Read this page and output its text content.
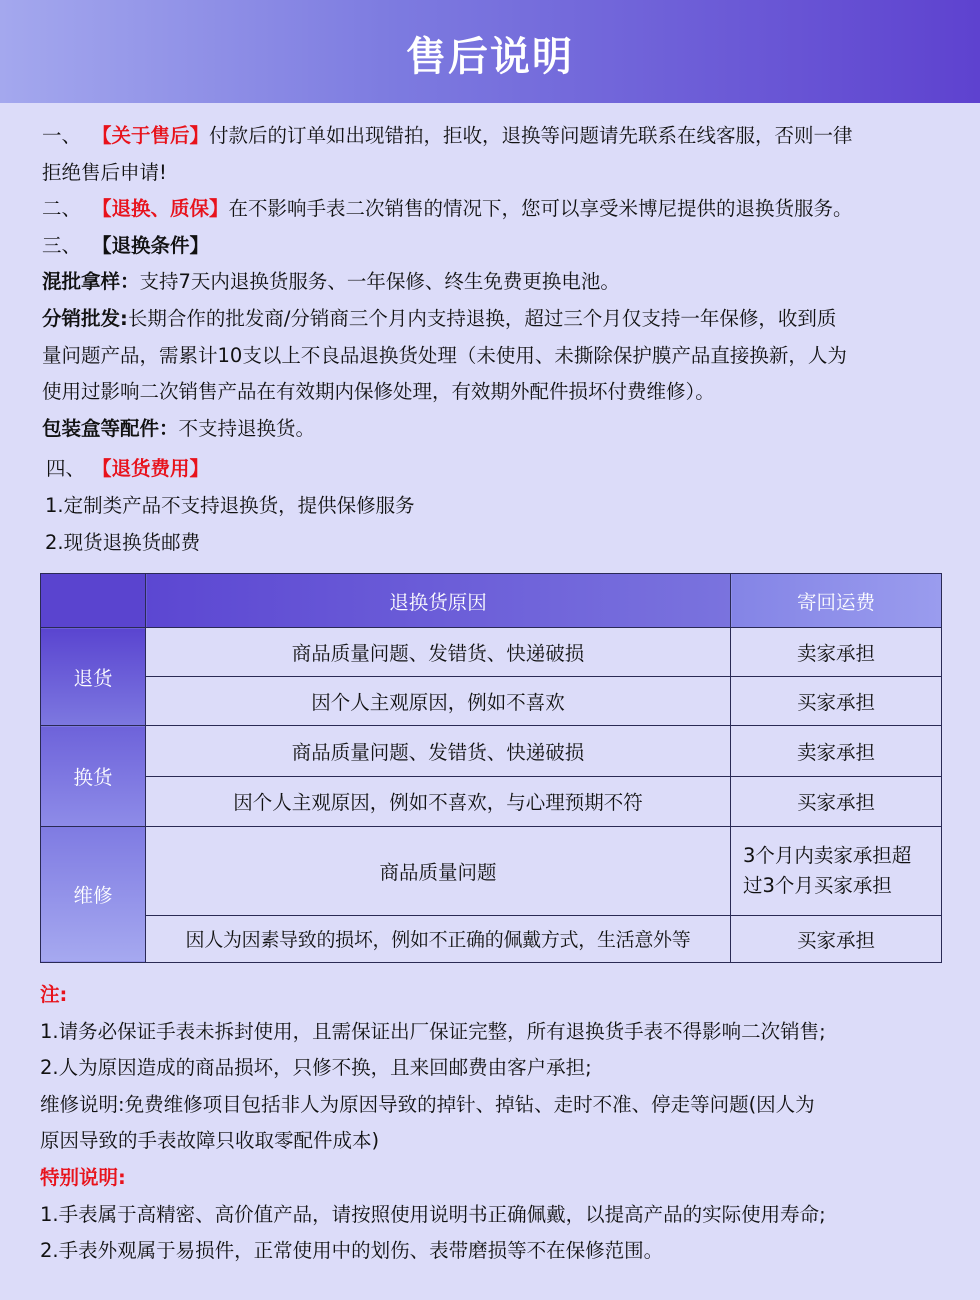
售后说明

一、 【关于售后】付款后的订单如出现错拍，拒收，退换等问题请先联系在线客服，否则一律
拒绝售后申请!

二、 【退换、质保】在不影响手表二次销售的情况下，您可以享受米博尼提供的退换货服务。

三、 【退换条件】

混批拿样：支持7天内退换货服务、一年保修、终生免费更换电池。

分销批发:长期合作的批发商/分销商三个月内支持退换，超过三个月仅支持一年保修，收到质
量问题产品，需累计10支以上不良品退换货处理（未使用、未撕除保护膜产品直接换新，人为
使用过影响二次销售产品在有效期内保修处理，有效期外配件损坏付费维修）。

包装盒等配件：不支持退换货。

四、 【退货费用】

1.定制类产品不支持退换货，提供保修服务

2.现货退换货邮费

	退换货原因	寄回运费
退货	商品质量问题、发错货、快递破损	卖家承担
	因个人主观原因，例如不喜欢	买家承担
换货	商品质量问题、发错货、快递破损	卖家承担
	因个人主观原因，例如不喜欢，与心理预期不符	买家承担
维修	商品质量问题	3个月内卖家承担超
过3个月买家承担
	因人为因素导致的损坏，例如不正确的佩戴方式，生活意外等	买家承担

注:

1.请务必保证手表未拆封使用，且需保证出厂保证完整，所有退换货手表不得影响二次销售;

2.人为原因造成的商品损坏，只修不换，且来回邮费由客户承担;

维修说明:免费维修项目包括非人为原因导致的掉针、掉钻、走时不准、停走等问题(因人为
原因导致的手表故障只收取零配件成本)

特别说明:

1.手表属于高精密、高价值产品，请按照使用说明书正确佩戴，以提高产品的实际使用寿命;

2.手表外观属于易损件，正常使用中的划伤、表带磨损等不在保修范围。
